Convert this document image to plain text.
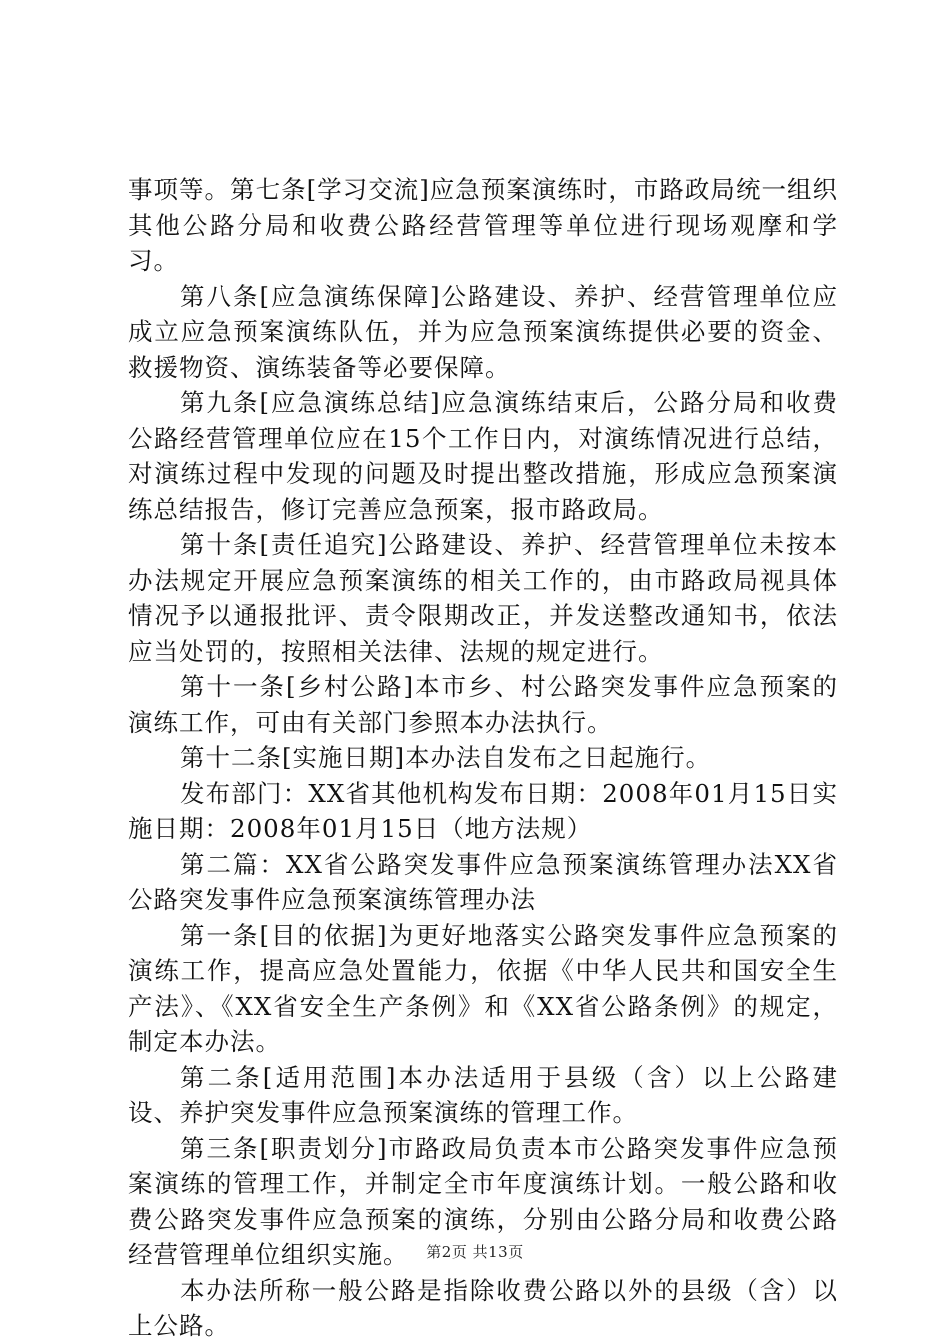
事项等。第七条[学习交流]应急预案演练时，市路政局统一组织其他公路分局和收费公路经营管理等单位进行现场观摩和学习。

第八条[应急演练保障]公路建设、养护、经营管理单位应成立应急预案演练队伍，并为应急预案演练提供必要的资金、救援物资、演练装备等必要保障。

第九条[应急演练总结]应急演练结束后，公路分局和收费公路经营管理单位应在15个工作日内，对演练情况进行总结，对演练过程中发现的问题及时提出整改措施，形成应急预案演练总结报告，修订完善应急预案，报市路政局。

第十条[责任追究]公路建设、养护、经营管理单位未按本办法规定开展应急预案演练的相关工作的，由市路政局视具体情况予以通报批评、责令限期改正，并发送整改通知书，依法应当处罚的，按照相关法律、法规的规定进行。

第十一条[乡村公路]本市乡、村公路突发事件应急预案的演练工作，可由有关部门参照本办法执行。

第十二条[实施日期]本办法自发布之日起施行。

发布部门：XX省其他机构发布日期：2008年01月15日实施日期：2008年01月15日（地方法规）

第二篇：XX省公路突发事件应急预案演练管理办法XX省公路突发事件应急预案演练管理办法

第一条[目的依据]为更好地落实公路突发事件应急预案的演练工作，提高应急处置能力，依据《中华人民共和国安全生产法》、《XX省安全生产条例》和《XX省公路条例》的规定，制定本办法。

第二条[适用范围]本办法适用于县级（含）以上公路建设、养护突发事件应急预案演练的管理工作。

第三条[职责划分]市路政局负责本市公路突发事件应急预案演练的管理工作，并制定全市年度演练计划。一般公路和收费公路突发事件应急预案的演练，分别由公路分局和收费公路经营管理单位组织实施。

本办法所称一般公路是指除收费公路以外的县级（含）以上公路。

第2页 共13页
